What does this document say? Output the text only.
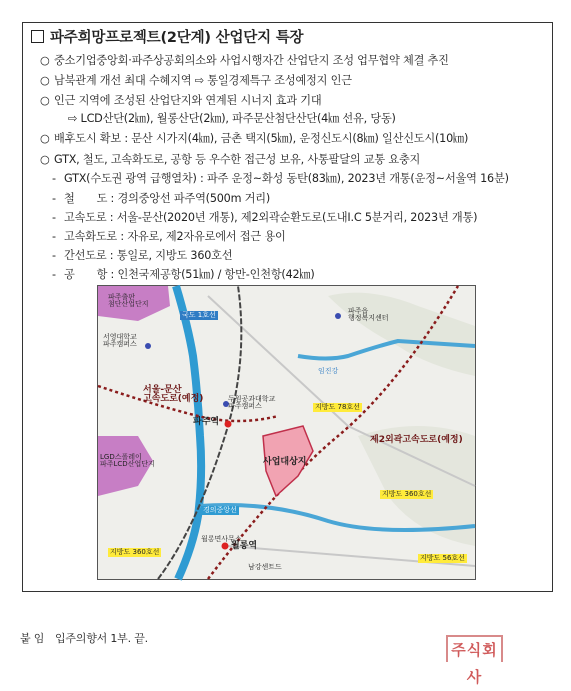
파주희망프로젝트(2단계) 산업단지 특장
○ 중소기업중앙회·파주상공회의소와 사업시행자간 산업단지 조성 업무협약 체결 추진
○ 남북관계 개선 최대 수혜지역 ⇨ 통일경제특구 조성예정지 인근
○ 인근 지역에 조성된 산업단지와 연계된 시너지 효과 기대
⇨ LCD산단(2㎞), 월롱산단(2㎞), 파주문산첨단산단(4㎞ 선유, 당동)
○ 배후도시 확보 : 문산 시가지(4㎞), 금촌 택지(5㎞), 운정신도시(8㎞) 일산신도시(10㎞)
○ GTX, 철도, 고속화도로, 공항 등 우수한 접근성 보유, 사통팔달의 교통 요충지
- GTX(수도권 광역 급행열차) : 파주 운정~화성 동탄(83㎞), 2023년 개통(운정~서울역 16분)
- 철　　도 : 경의중앙선 파주역(500m 거리)
- 고속도로 : 서울-문산(2020년 개통), 제2외곽순환도로(도내I.C 5분거리, 2023년 개통)
- 고속화도로 : 자유로, 제2자유로에서 접근 용이
- 간선도로 : 통일로, 지방도 360호선
- 공　　항 : 인천국제공항(51㎞) / 항만-인천항(42㎞)
파주출판
첨단산업단지
국도 1호선	파주읍
행정복지센터
서영대학교
파주캠퍼스
서울-문산
고속도로(예정)	두원공과대학교
파주캠퍼스
파주역
지방도 78호선
제2외곽고속도로(예정)
사업대상지
LGD스폴레이
파주LCD산업단지
경의중앙선
지방도 360호선
월롱면사무소
월롱역
지방도 360호선
지방도 56호선
임진강
남강센트드
붙 임　입주의향서 1부. 끝.
주식회사
